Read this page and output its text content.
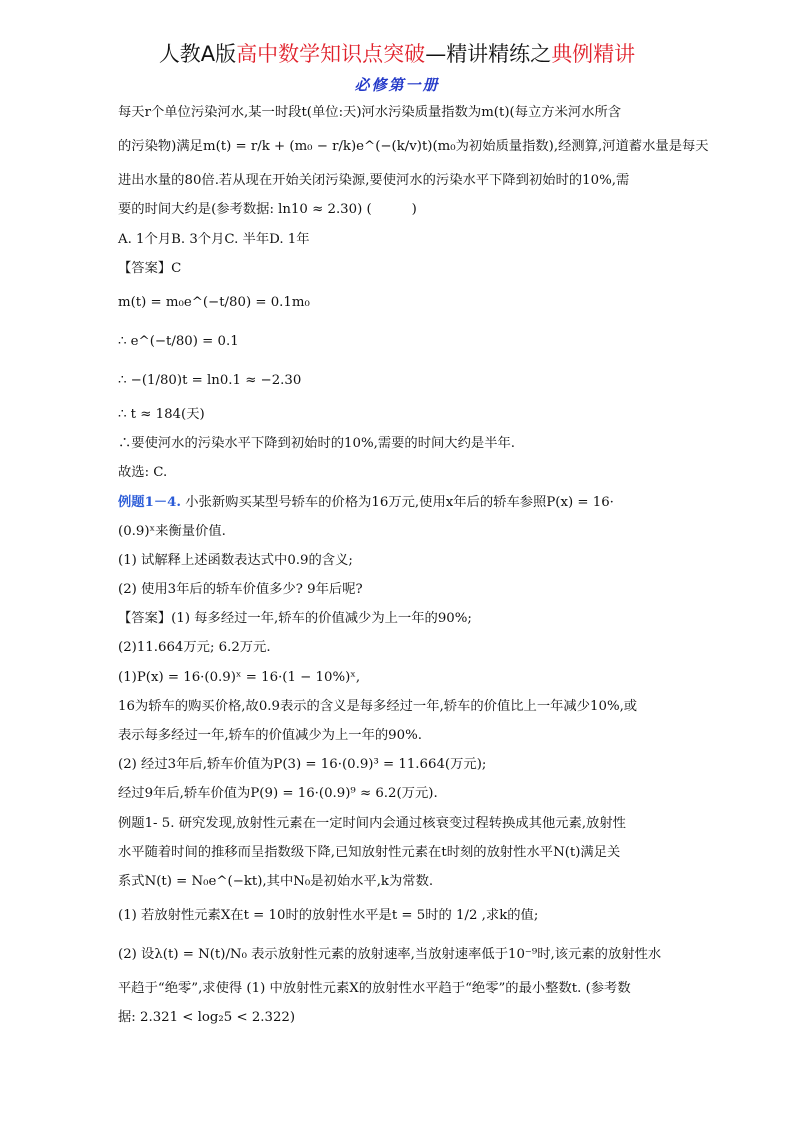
人教A版高中数学知识点突破—精讲精练之典例精讲
必修第一册
每天r个单位污染河水,某一时段t(单位:天)河水污染质量指数为m(t)(每立方米河水所含
的污染物)满足m(t) = r/k + (m₀ − r/k)e^(−(k/v)t)(m₀为初始质量指数),经测算,河道蓄水量是每天
进出水量的80倍.若从现在开始关闭污染源,要使河水的污染水平下降到初始时的10%,需
要的时间大约是(参考数据: ln10 ≈ 2.30) (　　　)
A. 1个月B. 3个月C. 半年D. 1年
【答案】C
m(t) = m₀e^(−t/80) = 0.1m₀
∴ e^(−t/80) = 0.1
∴ −(1/80)t = ln0.1 ≈ −2.30
∴ t ≈ 184(天)
∴要使河水的污染水平下降到初始时的10%,需要的时间大约是半年.
故选: C.
例题1－4. 小张新购买某型号轿车的价格为16万元,使用x年后的轿车参照P(x) = 16·
(0.9)ˣ来衡量价值.
(1) 试解释上述函数表达式中0.9的含义;
(2) 使用3年后的轿车价值多少? 9年后呢?
【答案】(1) 每多经过一年,轿车的价值减少为上一年的90%;
(2)11.664万元; 6.2万元.
(1)P(x) = 16·(0.9)ˣ = 16·(1 − 10%)ˣ,
16为轿车的购买价格,故0.9表示的含义是每多经过一年,轿车的价值比上一年减少10%,或
表示每多经过一年,轿车的价值减少为上一年的90%.
(2) 经过3年后,轿车价值为P(3) = 16·(0.9)³ = 11.664(万元);
经过9年后,轿车价值为P(9) = 16·(0.9)⁹ ≈ 6.2(万元).
例题1- 5. 研究发现,放射性元素在一定时间内会通过核衰变过程转换成其他元素,放射性
水平随着时间的推移而呈指数级下降,已知放射性元素在t时刻的放射性水平N(t)满足关
系式N(t) = N₀e^(−kt),其中N₀是初始水平,k为常数.
(1) 若放射性元素X在t = 10时的放射性水平是t = 5时的 1/2 ,求k的值;
(2) 设λ(t) = N(t)/N₀ 表示放射性元素的放射速率,当放射速率低于10⁻⁹时,该元素的放射性水
平趋于“绝零”,求使得 (1) 中放射性元素X的放射性水平趋于“绝零”的最小整数t. (参考数
据: 2.321 < log₂5 < 2.322)
